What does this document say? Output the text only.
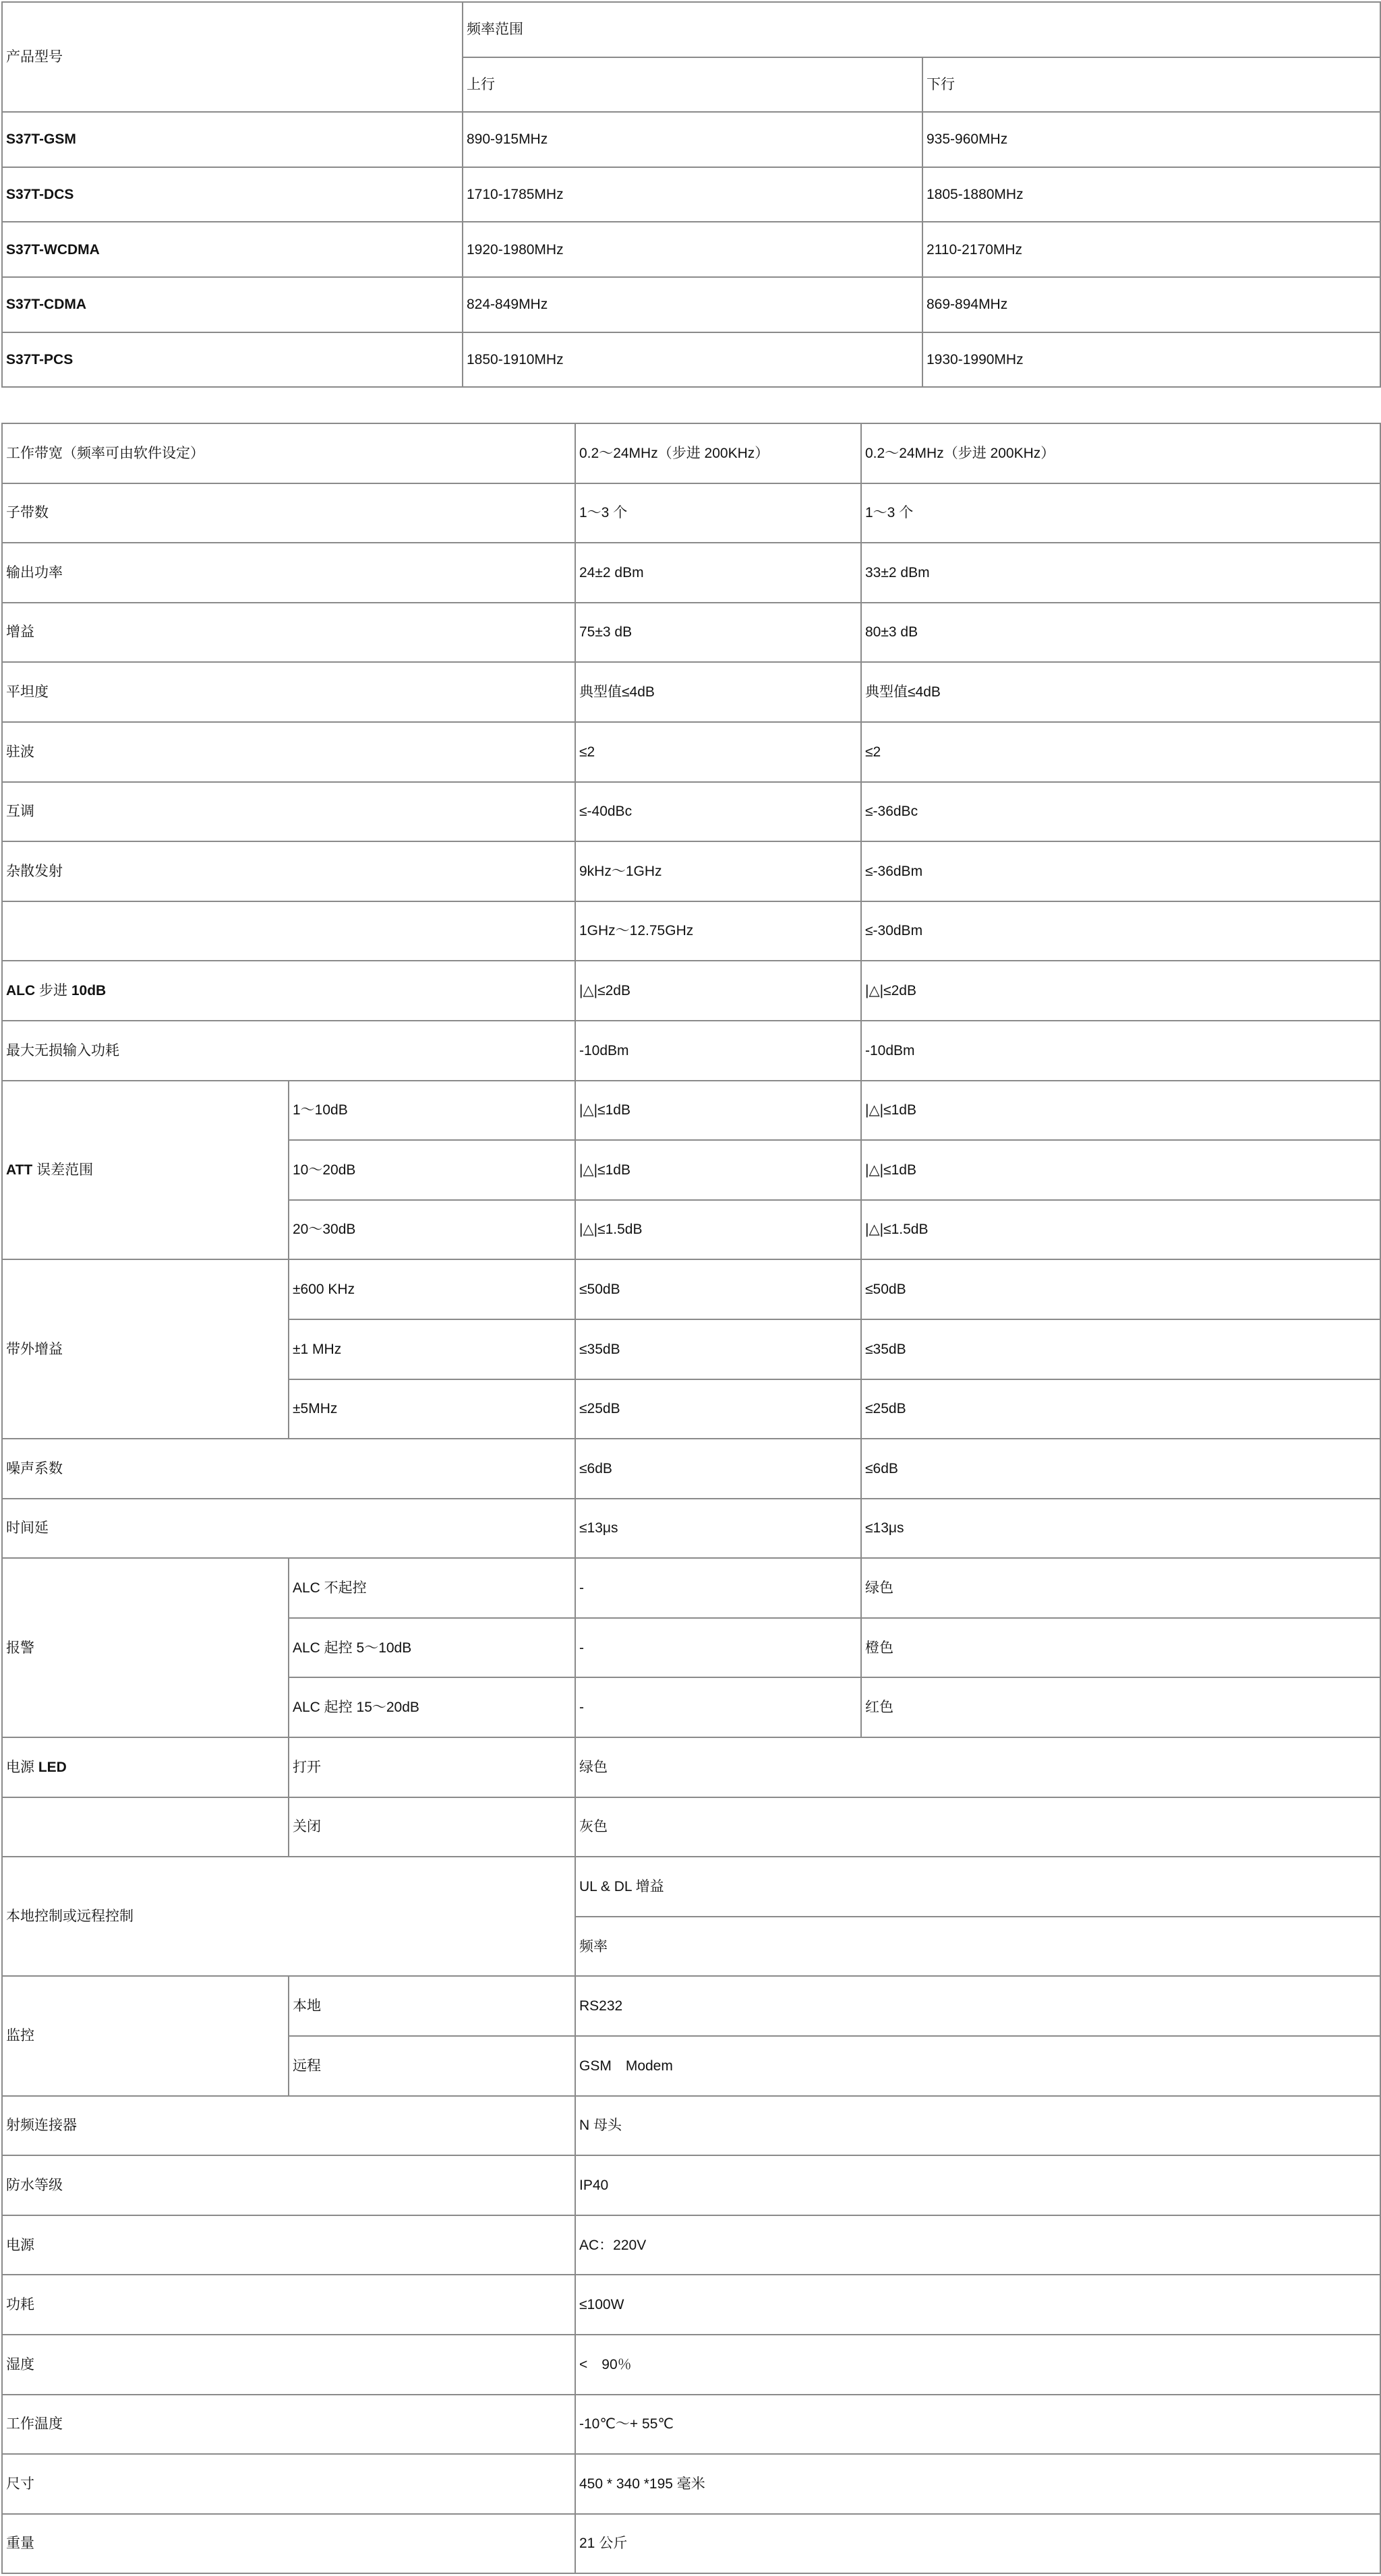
产品型号	频率范围	
	上行	下行
S37T-GSM	890-915MHz	935-960MHz
S37T-DCS	1710-1785MHz	1805-1880MHz
S37T-WCDMA	1920-1980MHz	2110-2170MHz
S37T-CDMA	824-849MHz	869-894MHz
S37T-PCS	1850-1910MHz	1930-1990MHz
工作带宽（频率可由软件设定）		0.2～24MHz（步进 200KHz）	0.2～24MHz（步进 200KHz）
子带数		1～3 个	1～3 个
输出功率		24±2 dBm	33±2 dBm
增益		75±3 dB	80±3 dB
平坦度		典型值≤4dB	典型值≤4dB
驻波		≤2	≤2
互调		≤-40dBc	≤-36dBc
杂散发射		9kHz～1GHz	≤-36dBm
		1GHz～12.75GHz	≤-30dBm
ALC 步进 10dB		|△|≤2dB	|△|≤2dB
最大无损输入功耗		-10dBm	-10dBm
ATT 误差范围	1～10dB	|△|≤1dB	|△|≤1dB
	10～20dB	|△|≤1dB	|△|≤1dB
	20～30dB	|△|≤1.5dB	|△|≤1.5dB
带外增益	±600 KHz	≤50dB	≤50dB
	±1 MHz	≤35dB	≤35dB
	±5MHz	≤25dB	≤25dB
噪声系数		≤6dB	≤6dB
时间延		≤13μs	≤13μs
报警	ALC 不起控	-	绿色
	ALC 起控 5～10dB	-	橙色
	ALC 起控 15～20dB	-	红色
电源 LED	打开	绿色	
	关闭	灰色	
本地控制或远程控制		UL & DL 增益	
		频率	
监控	本地	RS232	
	远程	GSM　Modem	
射频连接器		N 母头	
防水等级		IP40	
电源		AC：220V	
功耗		≤100W	
湿度		<　90％	
工作温度		-10℃～+ 55℃	
尺寸		450 * 340 *195 毫米	
重量		21 公斤	
